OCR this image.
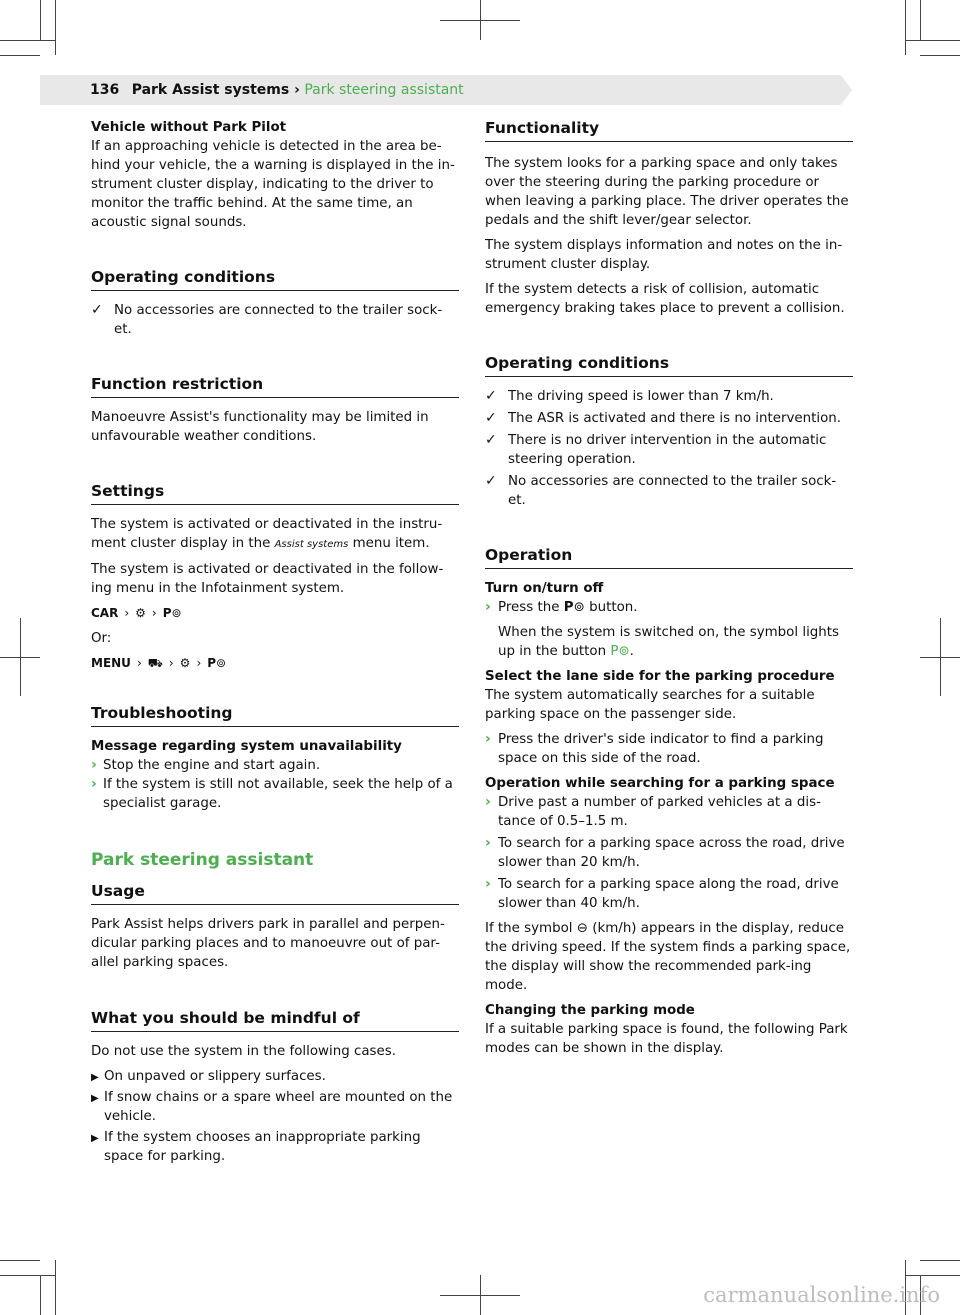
136 Park Assist systems › Park steering assistant

Vehicle without Park Pilot

If an approaching vehicle is detected in the area be-hind your vehicle, the a warning is displayed in the in-strument cluster display, indicating to the driver to monitor the traffic behind. At the same time, an acoustic signal sounds.

Operating conditions
✓ No accessories are connected to the trailer sock-et.
Function restriction

Manoeuvre Assist's functionality may be limited in unfavourable weather conditions.

Settings

The system is activated or deactivated in the instru-ment cluster display in the Assist systems menu item.

The system is activated or deactivated in the follow-ing menu in the Infotainment system.

CAR › ⚙ › P⊚

Or:

MENU › ⛟ › ⚙ › P⊚
Troubleshooting

Message regarding system unavailability

› Stop the engine and start again.
› If the system is still not available, seek the help of a specialist garage.
Park steering assistant
Usage

Park Assist helps drivers park in parallel and perpen-dicular parking places and to manoeuvre out of par-allel parking spaces.

What you should be mindful of

Do not use the system in the following cases.

▶ On unpaved or slippery surfaces.
▶ If snow chains or a spare wheel are mounted on the vehicle.
▶ If the system chooses an inappropriate parking space for parking.
Functionality

The system looks for a parking space and only takes over the steering during the parking procedure or when leaving a parking place. The driver operates the pedals and the shift lever/gear selector.

The system displays information and notes on the in-strument cluster display.

If the system detects a risk of collision, automatic emergency braking takes place to prevent a collision.

Operating conditions
✓ The driving speed is lower than 7 km/h.
✓ The ASR is activated and there is no intervention.
✓ There is no driver intervention in the automatic steering operation.
✓ No accessories are connected to the trailer sock-et.
Operation

Turn on/turn off

› Press the P⊚ button.

When the system is switched on, the symbol lights up in the button P⊚.

Select the lane side for the parking procedure

The system automatically searches for a suitable parking space on the passenger side.

› Press the driver's side indicator to find a parking space on this side of the road.

Operation while searching for a parking space

› Drive past a number of parked vehicles at a dis-tance of 0.5–1.5 m.
› To search for a parking space across the road, drive slower than 20 km/h.
› To search for a parking space along the road, drive slower than 40 km/h.

If the symbol ⊖ (km/h) appears in the display, reduce the driving speed. If the system finds a parking space, the display will show the recommended park-ing mode.

Changing the parking mode

If a suitable parking space is found, the following Park modes can be shown in the display.

carmanualsonline.info
